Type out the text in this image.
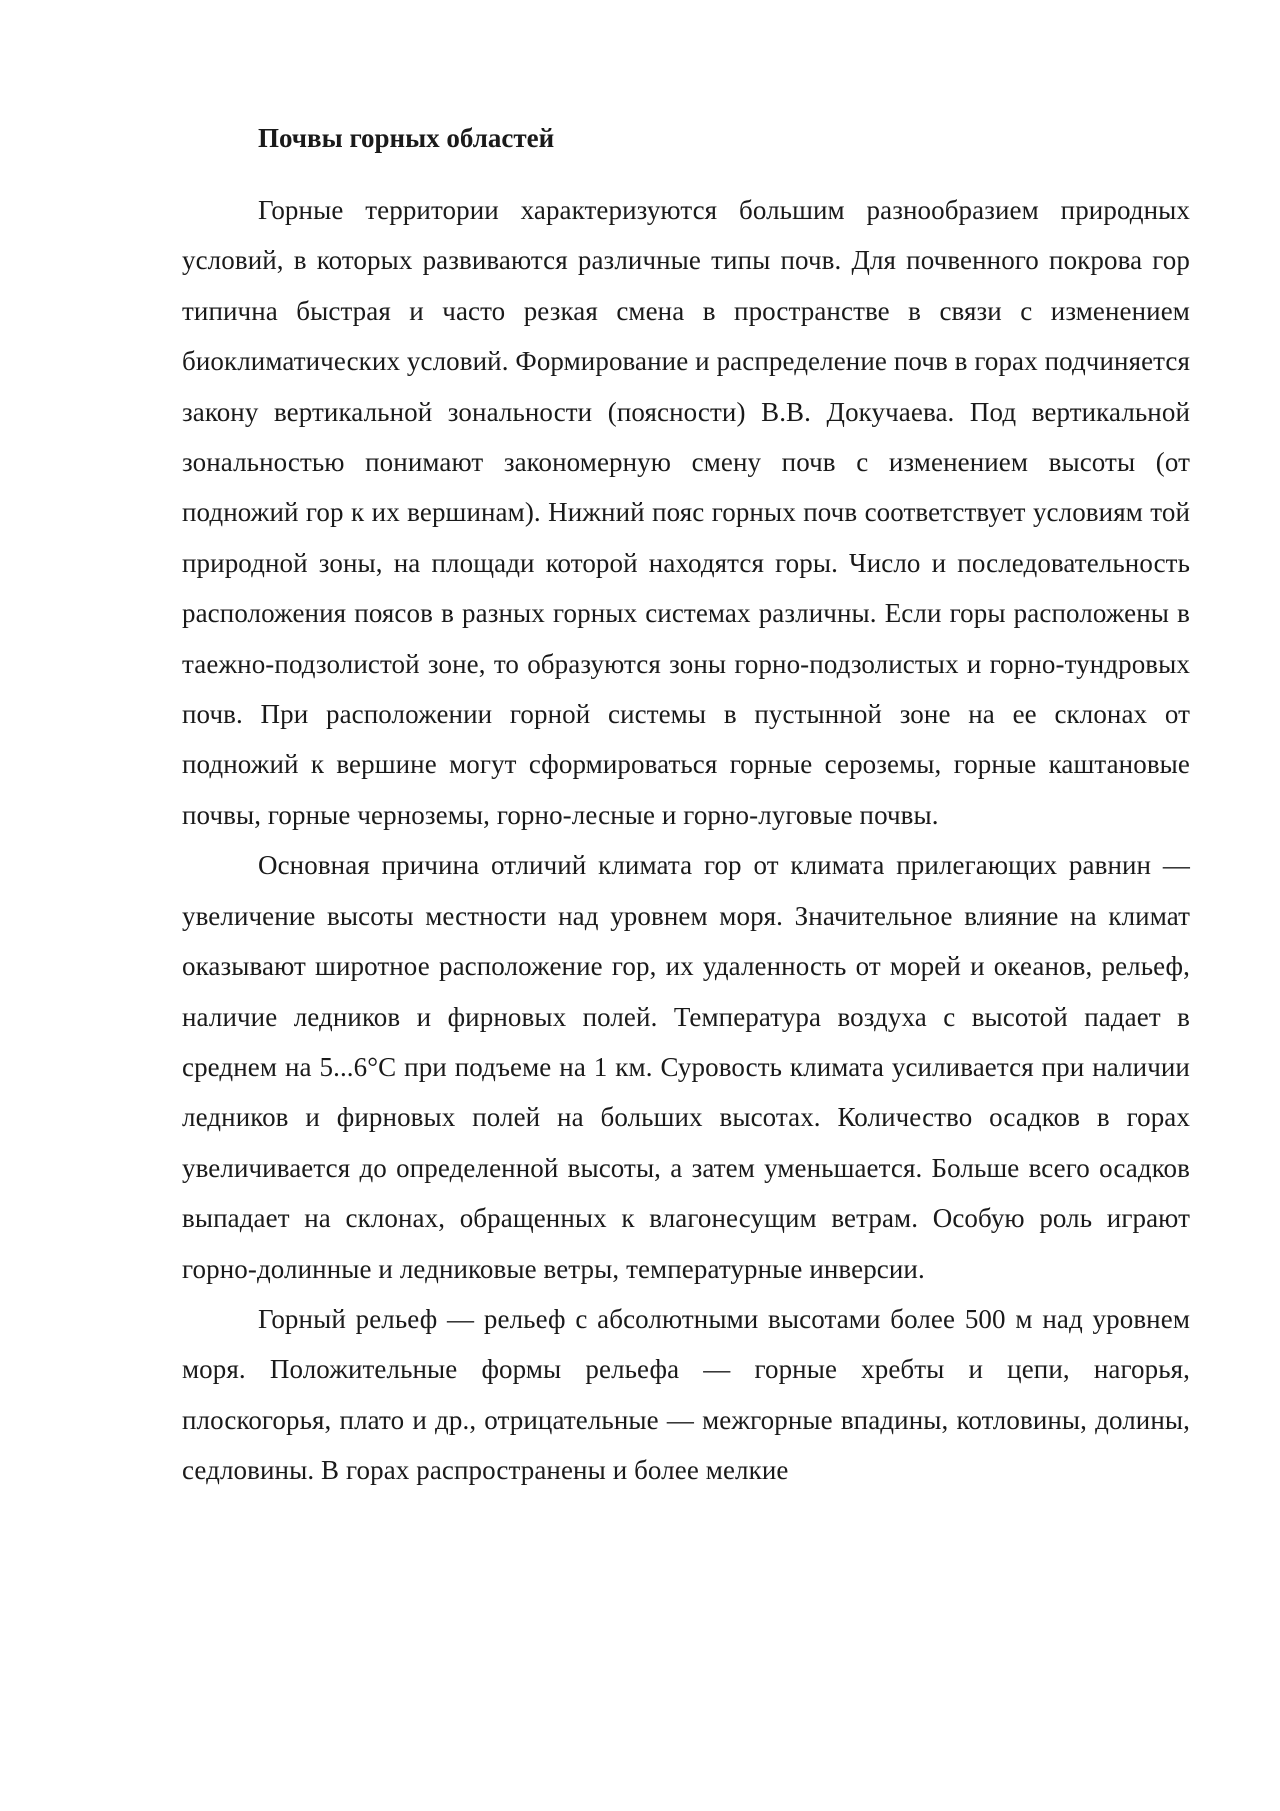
Почвы горных областей

Горные территории характеризуются большим разнообразием природных условий, в которых развиваются различные типы почв. Для почвенного покрова гор типична быстрая и часто резкая смена в пространстве в связи с изменением биоклиматических условий. Формирование и распределение почв в горах подчиняется закону вертикальной зональности (поясности) В.В. Докучаева. Под вертикальной зональностью понимают закономерную смену почв с изменением высоты (от подножий гор к их вершинам). Нижний пояс горных почв соответствует условиям той природной зоны, на площади которой находятся горы. Число и последовательность расположения поясов в разных горных системах различны. Если горы расположены в таежно-подзолистой зоне, то образуются зоны горно-подзолистых и горно-тундровых почв. При расположении горной системы в пустынной зоне на ее склонах от подножий к вершине могут сформироваться горные сероземы, горные каштановые почвы, горные черноземы, горно-лесные и горно-луговые почвы.

Основная причина отличий климата гор от климата прилегающих равнин — увеличение высоты местности над уровнем моря. Значительное влияние на климат оказывают широтное расположение гор, их удаленность от морей и океанов, рельеф, наличие ледников и фирновых полей. Температура воздуха с высотой падает в среднем на 5...6°С при подъеме на 1 км. Суровость климата усиливается при наличии ледников и фирновых полей на больших высотах. Количество осадков в горах увеличивается до определенной высоты, а затем уменьшается. Больше всего осадков выпадает на склонах, обращенных к влагонесущим ветрам. Особую роль играют горно-долинные и ледниковые ветры, температурные инверсии.

Горный рельеф — рельеф с абсолютными высотами более 500 м над уровнем моря. Положительные формы рельефа — горные хребты и цепи, нагорья, плоскогорья, плато и др., отрицательные — межгорные впадины, котловины, долины, седловины. В горах распространены и более мелкие
